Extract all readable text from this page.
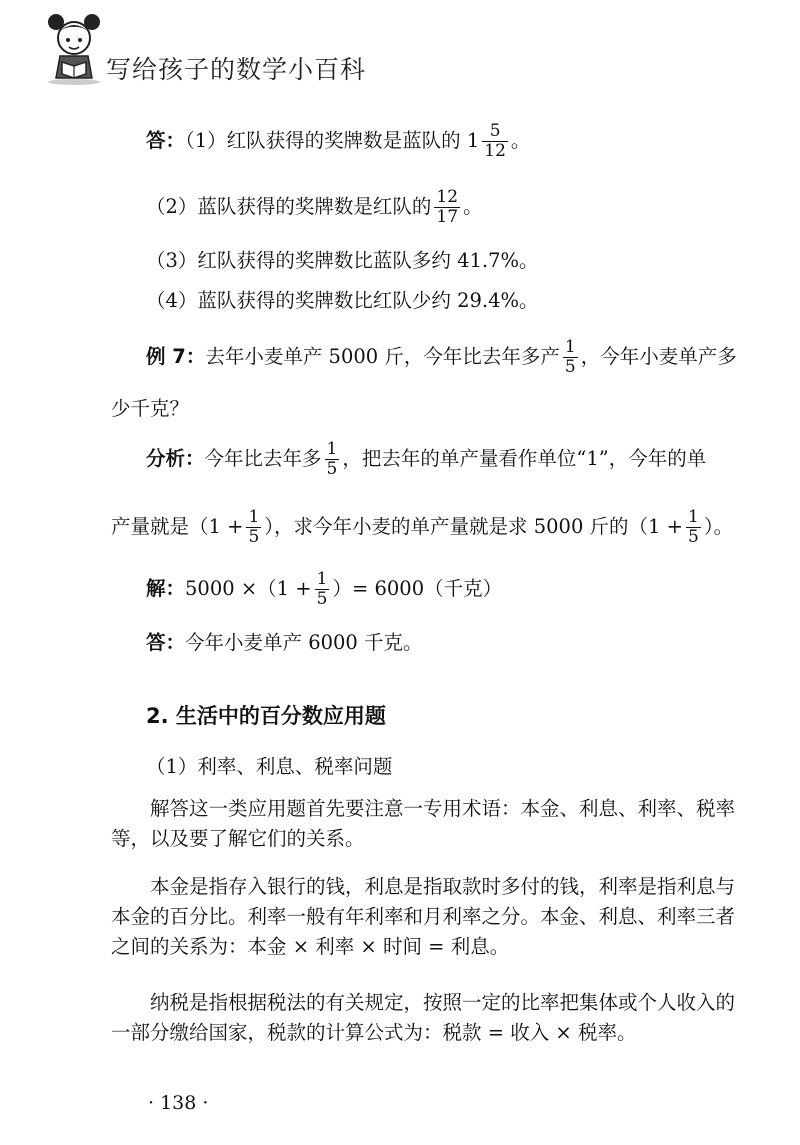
写给孩子的数学小百科
答：（1）红队获得的奖牌数是蓝队的 $1 \frac{5}{12}$ 。
（2）蓝队获得的奖牌数是红队的 $\frac{12}{17}$ 。
（3）红队获得的奖牌数比蓝队多约 41.7%。
（4）蓝队获得的奖牌数比红队少约 29.4%。
例 7：去年小麦单产 5000 斤，今年比去年多产 $\frac{1}{5}$ ，今年小麦单产多
少千克？
分析：今年比去年多 $\frac{1}{5}$ ，把去年的单产量看作单位“1”，今年的单
产量就是（$1 + \frac{1}{5}$ ），求今年小麦的单产量就是求 5000 斤的（$1 + \frac{1}{5}$ ）。
解：$5000 \times(1 + \frac{1}{5}$ ）= 6000（千克）
答：今年小麦单产 6000 千克。
2. 生活中的百分数应用题
（1）利率、利息、税率问题
解答这一类应用题首先要注意一专用术语：本金、利息、利率、税率等，以及要了解它们的关系。
本金是指存入银行的钱，利息是指取款时多付的钱，利率是指利息与本金的百分比。利率一般有年利率和月利率之分。本金、利息、利率三者之间的关系为：本金 × 利率 × 时间 = 利息。
纳税是指根据税法的有关规定，按照一定的比率把集体或个人收入的一部分缴给国家，税款的计算公式为：税款 = 收入 × 税率。
· 138 ·
